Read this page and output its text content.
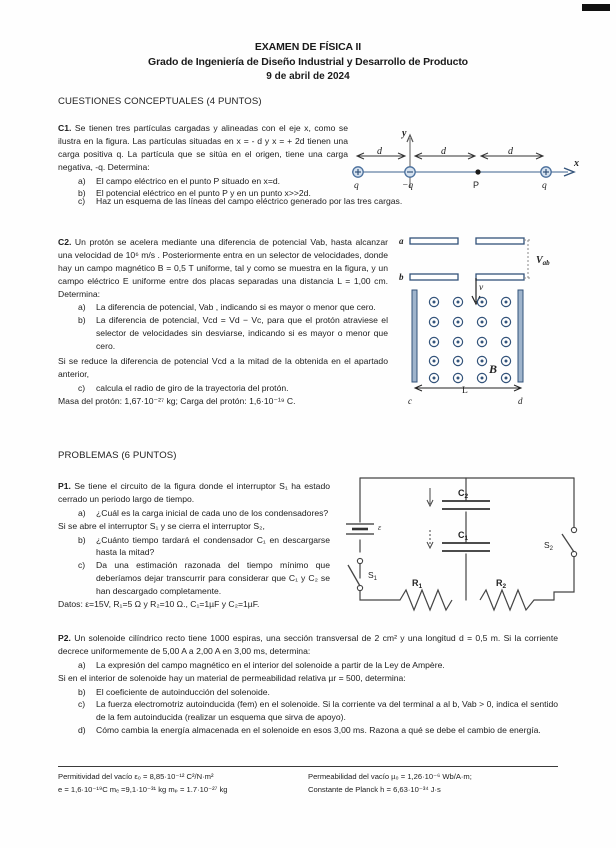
EXAMEN DE FÍSICA II
Grado de Ingeniería de Diseño Industrial y Desarrollo de Producto
9 de abril de 2024
CUESTIONES CONCEPTUALES (4 PUNTOS)
C1. Se tienen tres partículas cargadas y alineadas con el eje x, como se ilustra en la figura. Las partículas situadas en x = - d y x = + 2d tienen una carga positiva q. La partícula que se sitúa en el origen, tiene una carga negativa, -q. Determina:
a)	El campo eléctrico en el punto P situado en x=d.
b)	El potencial eléctrico en el punto P y en un punto x>>2d.
c)	Haz un esquema de las líneas del campo eléctrico generado por las tres cargas.
y
x
d	d	d
q	−q	P	q
C2. Un protón se acelera mediante una diferencia de potencial Vab, hasta alcanzar una velocidad de 10⁶ m/s . Posteriormente entra en un selector de velocidades, donde hay un campo magnético B = 0,5 T uniforme, tal y como se muestra en la figura, y un campo eléctrico E uniforme entre dos placas separadas una distancia L = 1,00 cm. Determina:
a)	La diferencia de potencial, Vab , indicando si es mayor o menor que cero.
b)	La diferencia de potencial, Vcd = Vd − Vc, para que el protón atraviese el selector de velocidades sin desviarse, indicando si es mayor o menor que cero.
Si se reduce la diferencia de potencial Vcd a la mitad de la obtenida en el apartado anterior,
c)	calcula el radio de giro de la trayectoria del protón.
Masa del protón: 1,67·10⁻²⁷ kg; Carga del protón: 1,6·10⁻¹⁹ C.
a
b
$V_{ab}$
v
B
L
c	d
PROBLEMAS (6 PUNTOS)
P1. Se tiene el circuito de la figura donde el interruptor S₁ ha estado cerrado un periodo largo de tiempo.
a)	¿Cuál es la carga inicial de cada uno de los condensadores?
Si se abre el interruptor S₁ y se cierra el interruptor S₂,
b)	¿Cuánto tiempo tardará el condensador C₁ en descargarse hasta la mitad?
c)	Da una estimación razonada del tiempo mínimo que deberíamos dejar transcurrir para considerar que C₁ y C₂ se han descargado completamente.
Datos: ε=15V, R₁=5 Ω y R₂=10 Ω., C₁=1µF y C₂=1µF.
ε
$S_1$
$S_2$
$C_2$
$C_1$
$R_1$	$R_2$
P2. Un solenoide cilíndrico recto tiene 1000 espiras, una sección transversal de 2 cm² y una longitud d = 0,5 m. Si la corriente decrece uniformemente de 5,00 A a 2,00 A en 3,00 ms, determina:
a)	La expresión del campo magnético en el interior del solenoide a partir de la Ley de Ampère.
Si en el interior de solenoide hay un material de permeabilidad relativa µr = 500, determina:
b)	El coeficiente de autoinducción del solenoide.
c)	La fuerza electromotriz autoinducida (fem) en el solenoide. Si la corriente va del terminal a al b, Vab > 0, indica el sentido de la fem autoinducida (realizar un esquema que sirva de apoyo).
d)	Cómo cambia la energía almacenada en el solenoide en esos 3,00 ms. Razona a qué se debe el cambio de energía.
Permitividad del vacío ε₀ = 8,85·10⁻¹² C²/N·m²
e = 1,6·10⁻¹⁹C mₑ =9,1·10⁻³¹ kg mₚ = 1.7·10⁻²⁷ kg
Permeabilidad del vacío µ₀ = 1,26·10⁻⁶ Wb/A·m;
Constante de Planck h = 6,63·10⁻³⁴ J·s
